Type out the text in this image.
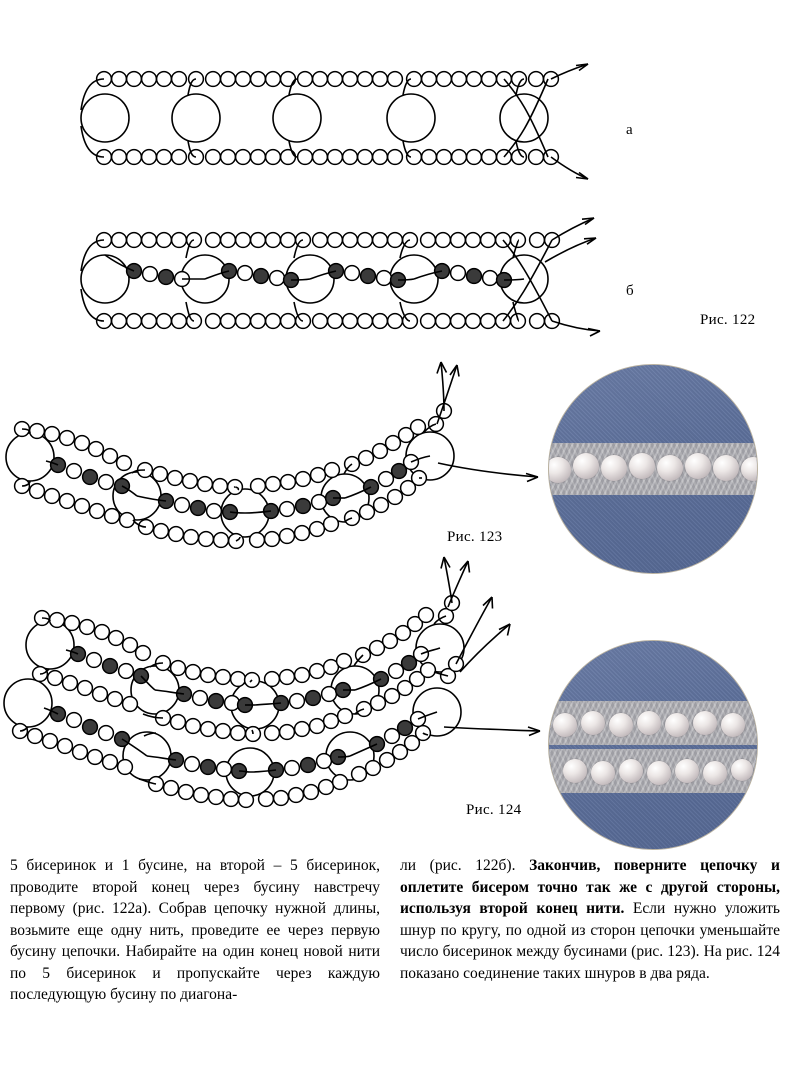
а
б
Рис. 122
Рис. 123
Рис. 124

5 бисеринок и 1 бусине, на второй – 5 бисеринок, проводите второй конец через бусину навстречу первому (рис. 122а). Собрав цепочку нужной длины, возьмите еще одну нить, проведите ее через первую бусину цепочки. Набирайте на один конец новой нити по 5 бисеринок и пропускайте через каждую последующую бусину по диагона-

ли (рис. 122б). Закончив, поверните цепочку и оплетите бисером точно так же с другой стороны, используя второй конец нити. Если нужно уложить шнур по кругу, по одной из сторон цепочки уменьшайте число бисеринок между бусинами (рис. 123). На рис. 124 показано соединение таких шнуров в два ряда.
